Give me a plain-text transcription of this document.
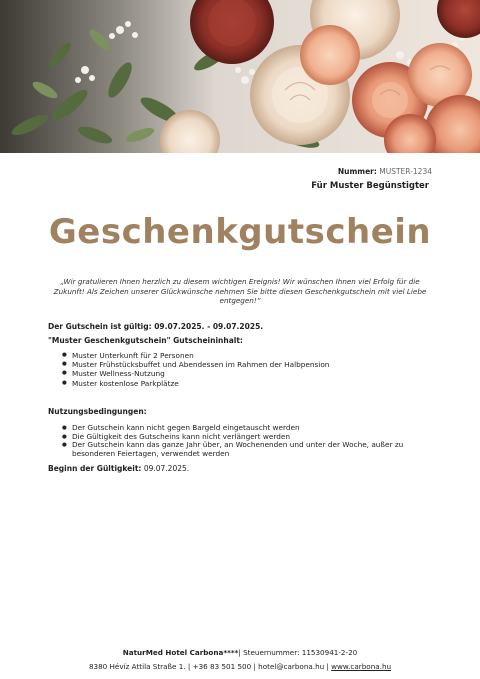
Nummer: MUSTER-1234
Für Muster Begünstigter
Geschenkgutschein
„Wir gratulieren Ihnen herzlich zu diesem wichtigen Ereignis! Wir wünschen Ihnen viel Erfolg für die Zukunft! Als Zeichen unserer Glückwünsche nehmen Sie bitte diesen Geschenkgutschein mit viel Liebe entgegen!”
Der Gutschein ist gültig: 09.07.2025. - 09.07.2025.
"Muster Geschenkgutschein" Gutscheininhalt:
● Muster Unterkunft für 2 Personen
● Muster Frühstücksbuffet und Abendessen im Rahmen der Halbpension
● Muster Wellness-Nutzung
● Muster kostenlose Parkplätze
Nutzungsbedingungen:
● Der Gutschein kann nicht gegen Bargeld eingetauscht werden
● Die Gültigkeit des Gutscheins kann nicht verlängert werden
● Der Gutschein kann das ganze Jahr über, an Wochenenden und unter der Woche, außer zu besonderen Feiertagen, verwendet werden
Beginn der Gültigkeit: 09.07.2025.
NaturMed Hotel Carbona****| Steuernummer: 11530941-2-20
8380 Hévíz Attila Straße 1. | +36 83 501 500 | hotel@carbona.hu | www.carbona.hu
